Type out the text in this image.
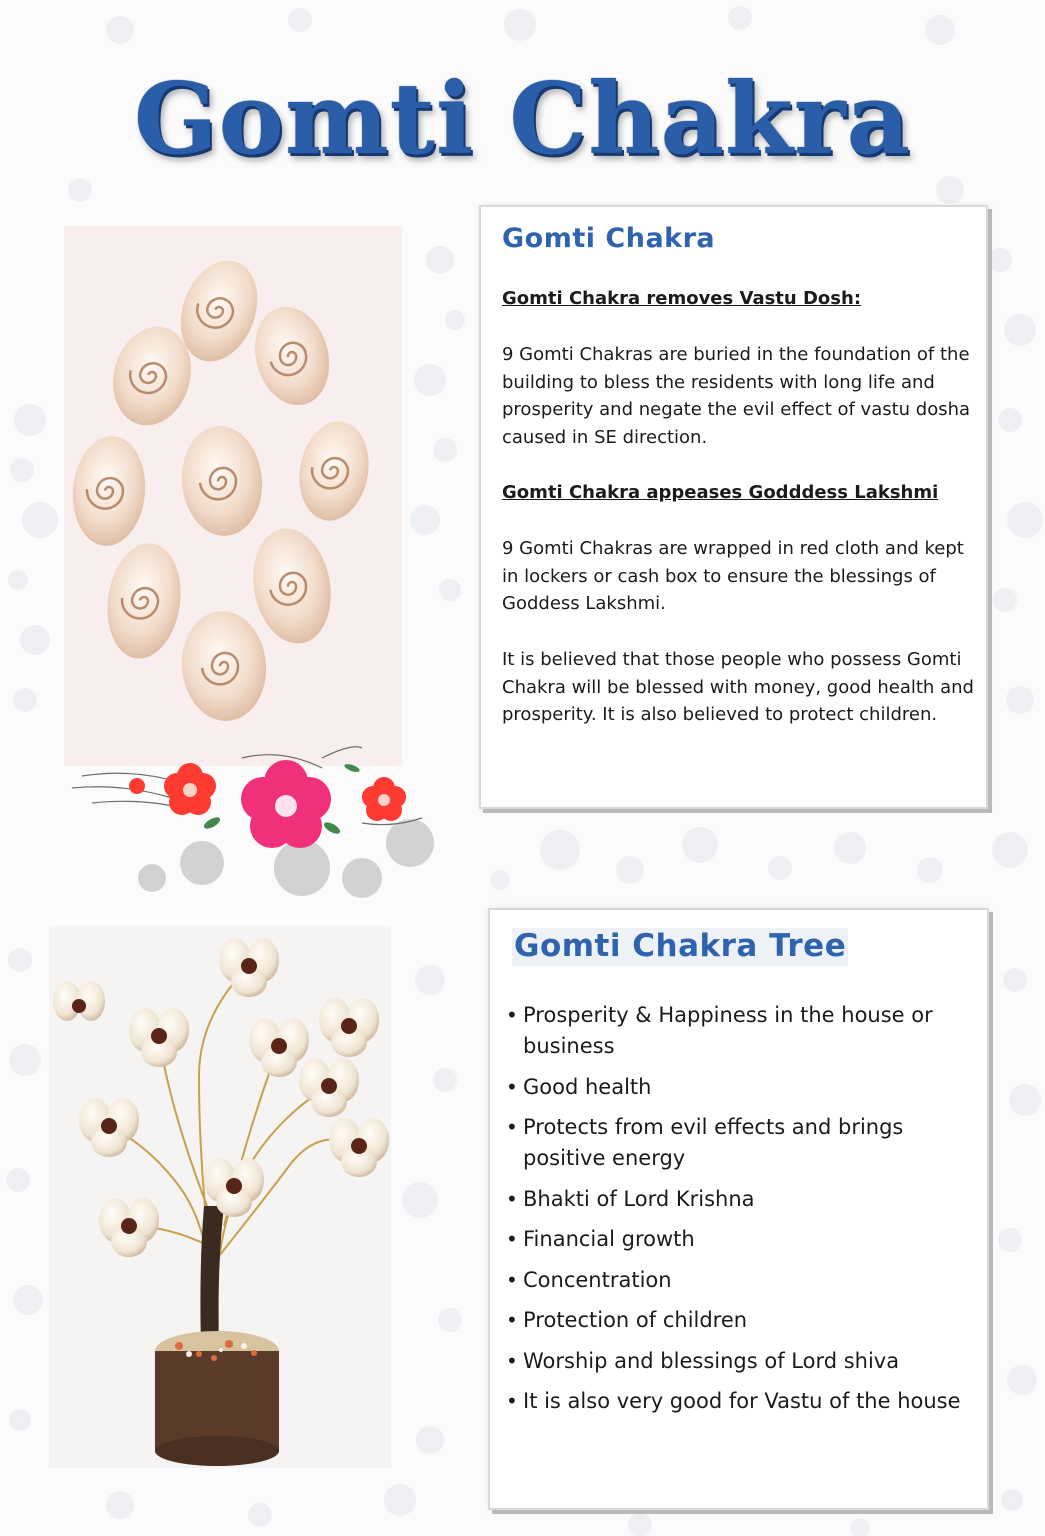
Gomti Chakra
Gomti Chakra
Gomti Chakra removes Vastu Dosh:
9 Gomti Chakras are buried in the foundation of the building to bless the residents with long life and prosperity and negate the evil effect of vastu dosha caused in SE direction.
Gomti Chakra appeases Godddess Lakshmi
9 Gomti Chakras are wrapped in red cloth and kept in lockers or cash box to ensure the blessings of Goddess Lakshmi.
It is believed that those people who possess Gomti Chakra will be blessed with money, good health and prosperity. It is also believed to protect children.
Gomti Chakra Tree
• Prosperity & Happiness in the house or business
• Good health
• Protects from evil effects and brings positive energy
• Bhakti of Lord Krishna
• Financial growth
• Concentration
• Protection of children
• Worship and blessings of Lord shiva
• It is also very good for Vastu of the house
